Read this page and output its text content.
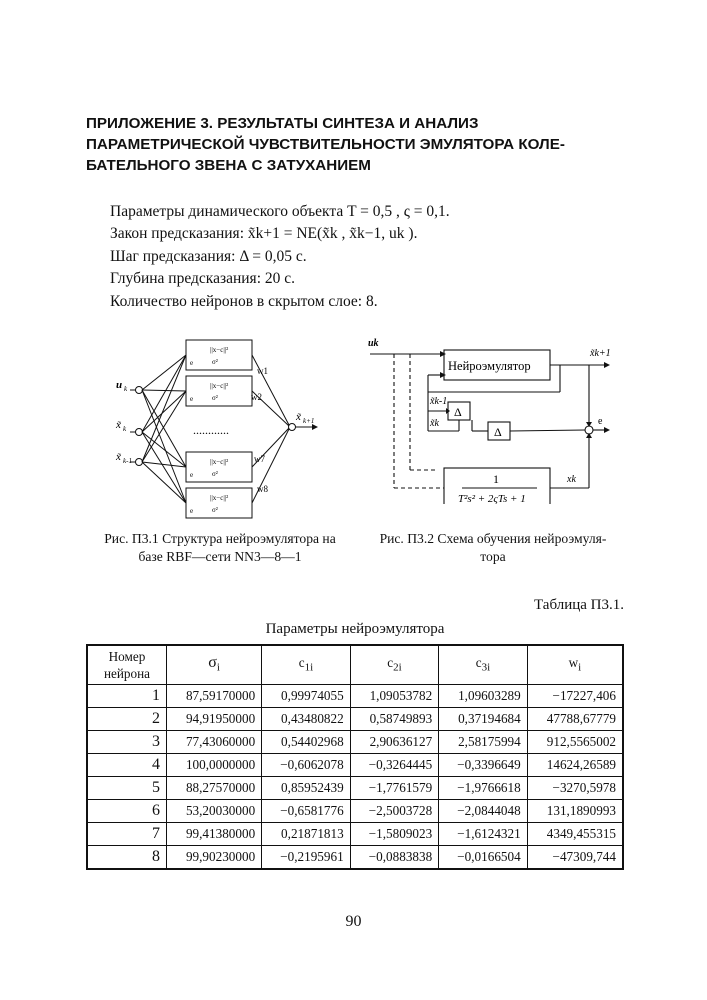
ПРИЛОЖЕНИЕ 3. РЕЗУЛЬТАТЫ СИНТЕЗА И АНАЛИЗ
ПАРАМЕТРИЧЕСКОЙ ЧУВСТВИТЕЛЬНОСТИ ЭМУЛЯТОРА КОЛЕ-
БАТЕЛЬНОГО ЗВЕНА С ЗАТУХАНИЕМ
Параметры динамического объекта T = 0,5 , ς = 0,1.
Закон предсказания: x̃k+1 = NE(x̃k , x̃k−1, uk ).
Шаг предсказания: Δ = 0,05 с.
Глубина предсказания: 20 с.
Количество нейронов в скрытом слое: 8.
e
||x−c||²
σ²
e
||x−c||²
σ²
e
||x−c||²
σ²
e
||x−c||²
σ²
............
u k
x̃ k
x̃ k-1
x̃ k+1
w1
w2
w7
w8
Рис. П3.1 Структура нейроэмулятора на
базе RBF—сети NN3—8—1
Нейроэмулятор
Δ
Δ
1
T²s² + 2ςTs + 1
uk
x̃k+1
x̃k-1
x̃k
xk
e
Рис. П3.2 Схема обучения нейроэмуля-
тора
Таблица П3.1.
Параметры нейроэмулятора
Номер
нейрона	$\sigma_i$	$c_{1i}$	$c_{2i}$	$c_{3i}$	$w_i$
1	87,59170000	0,99974055	1,09053782	1,09603289	−17227,406
2	94,91950000	0,43480822	0,58749893	0,37194684	47788,67779
3	77,43060000	0,54402968	2,90636127	2,58175994	912,5565002
4	100,0000000	−0,6062078	−0,3264445	−0,3396649	14624,26589
5	88,27570000	0,85952439	−1,7761579	−1,9766618	−3270,5978
6	53,20030000	−0,6581776	−2,5003728	−2,0844048	131,1890993
7	99,41380000	0,21871813	−1,5809023	−1,6124321	4349,455315
8	99,90230000	−0,2195961	−0,0883838	−0,0166504	−47309,744
90
